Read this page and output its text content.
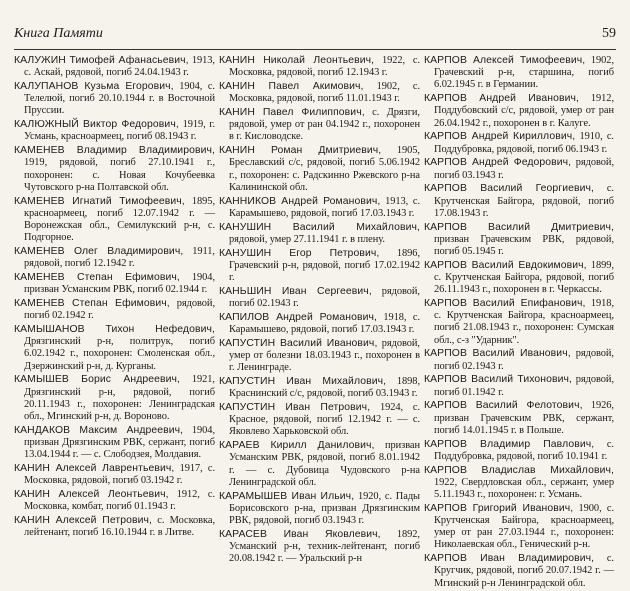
Книга Памяти	59

КАЛУЖИН Тимофей Афанасьевич, 1913, с. Аскай, рядовой, погиб 24.04.1943 г.

КАЛУПАНОВ Кузьма Егорович, 1904, с. Телелюй, погиб 20.10.1944 г. в Восточной Пруссии.

КАЛЮЖНЫЙ Виктор Федорович, 1919, г. Усмань, красноармеец, погиб 08.1943 г.

КАМЕНЕВ Владимир Владимирович, 1919, рядовой, погиб 27.10.1941 г., похоронен: с. Новая Кочубеевка Чутовского р-на Полтавской обл.

КАМЕНЕВ Игнатий Тимофеевич, 1895, красноармеец, погиб 12.07.1942 г. — Воронежская обл., Семилукский р-н, с. Подгорное.

КАМЕНЕВ Олег Владимирович, 1911, рядовой, погиб 12.1942 г.

КАМЕНЕВ Степан Ефимович, 1904, призван Усманским РВК, погиб 02.1944 г.

КАМЕНЕВ Степан Ефимович, рядовой, погиб 02.1942 г.

КАМЫШАНОВ Тихон Нефедович, Дрязгинский р-н, политрук, погиб 6.02.1942 г., похоронен: Смоленская обл., Дзержинский р-н, д. Курганы.

КАМЫШЕВ Борис Андреевич, 1921, Дрязгинский р-н, рядовой, погиб 20.11.1943 г., похоронен: Ленинградская обл., Мгинский р-н, д. Вороново.

КАНДАКОВ Максим Андреевич, 1904, призван Дрязгинским РВК, сержант, погиб 13.04.1944 г. — с. Слободзея, Молдавия.

КАНИН Алексей Лаврентьевич, 1917, с. Московка, рядовой, погиб 03.1942 г.

КАНИН Алексей Леонтьевич, 1912, с. Московка, комбат, погиб 01.1943 г.

КАНИН Алексей Петрович, с. Московка, лейтенант, погиб 16.10.1944 г. в Литве.

КАНИН Николай Леонтьевич, 1922, с. Московка, рядовой, погиб 12.1943 г.

КАНИН Павел Акимович, 1902, с. Московка, рядовой, погиб 11.01.1943 г.

КАНИН Павел Филиппович, с. Дрязги, рядовой, умер от ран 04.1942 г., похоронен в г. Кисловодске.

КАНИН Роман Дмитриевич, 1905, Бреславский с/с, рядовой, погиб 5.06.1942 г., похоронен: с. Радскинно Ржевского р-на Калининской обл.

КАННИКОВ Андрей Романович, 1913, с. Карамышево, рядовой, погиб 17.03.1943 г.

КАНУШИН Василий Михайлович, рядовой, умер 27.11.1941 г. в плену.

КАНУШИН Егор Петрович, 1896, Грачевский р-н, рядовой, погиб 17.02.1942 г.

КАНЬШИН Иван Сергеевич, рядовой, погиб 02.1943 г.

КАПИЛОВ Андрей Романович, 1918, с. Карамышево, рядовой, погиб 17.03.1943 г.

КАПУСТИН Василий Иванович, рядовой, умер от болезни 18.03.1943 г., похоронен в г. Ленинграде.

КАПУСТИН Иван Михайлович, 1898, Краснинский с/с, рядовой, погиб 03.1943 г.

КАПУСТИН Иван Петрович, 1924, с. Красное, рядовой, погиб 12.1942 г. — с. Яковлево Харьковской обл.

КАРАЕВ Кирилл Данилович, призван Усманским РВК, рядовой, погиб 8.01.1942 г. — с. Дубовица Чудовского р-на Ленинградской обл.

КАРАМЫШЕВ Иван Ильич, 1920, с. Пады Борисовского р-на, призван Дрязгинским РВК, рядовой, погиб 03.1943 г.

КАРАСЕВ Иван Яковлевич, 1892, Усманский р-н, техник-лейтенант, погиб 20.08.1942 г. — Уральский р-н

КАРПОВ Алексей Тимофеевич, 1902, Грачевский р-н, старшина, погиб 6.02.1945 г. в Германии.

КАРПОВ Андрей Иванович, 1912, Поддубовский с/с, рядовой, умер от ран 26.04.1942 г., похоронен в г. Калуге.

КАРПОВ Андрей Кириллович, 1910, с. Поддубровка, рядовой, погиб 06.1943 г.

КАРПОВ Андрей Федорович, рядовой, погиб 03.1943 г.

КАРПОВ Василий Георгиевич, с. Крутченская Байгора, рядовой, погиб 17.08.1943 г.

КАРПОВ Василий Дмитриевич, призван Грачевским РВК, рядовой, погиб 05.1945 г.

КАРПОВ Василий Евдокимович, 1899, с. Крутченская Байгора, рядовой, погиб 26.11.1943 г., похоронен в г. Черкассы.

КАРПОВ Василий Епифанович, 1918, с. Крутченская Байгора, красноармеец, погиб 21.08.1943 г., похоронен: Сумская обл., с-з "Ударник".

КАРПОВ Василий Иванович, рядовой, погиб 02.1943 г.

КАРПОВ Василий Тихонович, рядовой, погиб 01.1942 г.

КАРПОВ Василий Фелотович, 1926, призван Грачевским РВК, сержант, погиб 14.01.1945 г. в Польше.

КАРПОВ Владимир Павлович, с. Поддубровка, рядовой, погиб 10.1941 г.

КАРПОВ Владислав Михайлович, 1922, Свердловская обл., сержант, умер 5.11.1943 г., похоронен: г. Усмань.

КАРПОВ Григорий Иванович, 1900, с. Крутченская Байгора, красноармеец, умер от ран 27.03.1944 г., похоронен: Николаевская обл., Генический р-н.

КАРПОВ Иван Владимирович, с. Кругчик, рядовой, погиб 20.07.1942 г. — Мгинский р-н Ленинградской обл.
